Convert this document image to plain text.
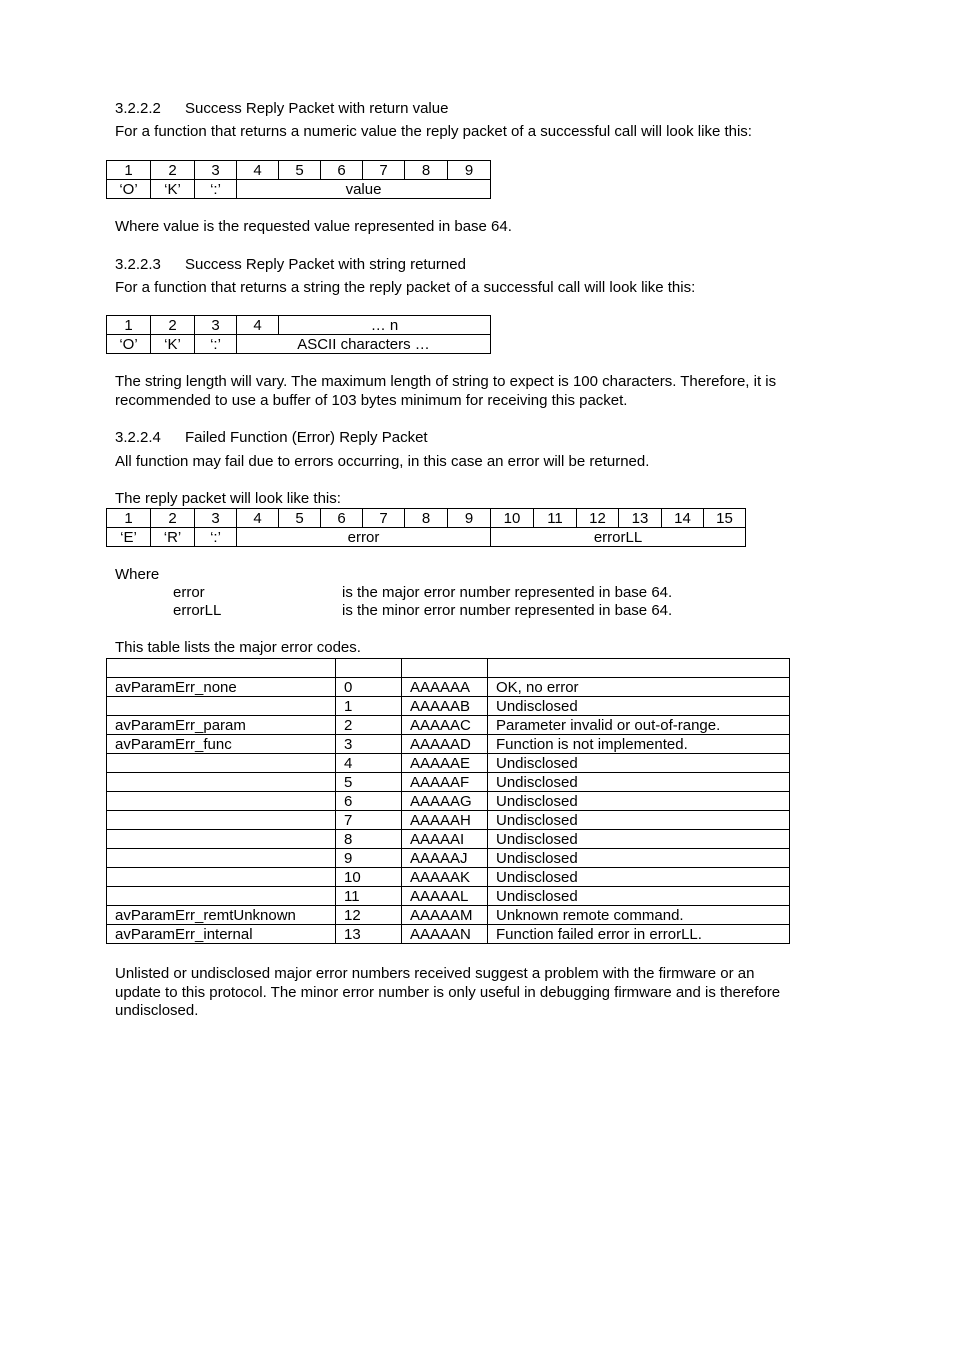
3.2.2.2 Success Reply Packet with return value
For a function that returns a numeric value the reply packet of a successful call will look like this:
1	2	3	4	5	6	7	8	9
‘O’	‘K’	‘:’	value					
Where value is the requested value represented in base 64.
3.2.2.3 Success Reply Packet with string returned
For a function that returns a string the reply packet of a successful call will look like this:
1	2	3	4	… n
‘O’	‘K’	‘:’	ASCII characters …	
The string length will vary. The maximum length of string to expect is 100 characters. Therefore, it is
recommended to use a buffer of 103 bytes minimum for receiving this packet.
3.2.2.4 Failed Function (Error) Reply Packet
All function may fail due to errors occurring, in this case an error will be returned.
The reply packet will look like this:
1	2	3	4	5	6	7	8	9	10	11	12	13	14	15
‘E’	‘R’	‘:’	error						errorLL					
Where
error	is the major error number represented in base 64.
errorLL	is the minor error number represented in base 64.
This table lists the major error codes.

avParamErr_none	0	AAAAAA	OK, no error
	1	AAAAAB	Undisclosed
avParamErr_param	2	AAAAAC	Parameter invalid or out-of-range.
avParamErr_func	3	AAAAAD	Function is not implemented.
	4	AAAAAE	Undisclosed
	5	AAAAAF	Undisclosed
	6	AAAAAG	Undisclosed
	7	AAAAAH	Undisclosed
	8	AAAAAI	Undisclosed
	9	AAAAAJ	Undisclosed
	10	AAAAAK	Undisclosed
	11	AAAAAL	Undisclosed
avParamErr_remtUnknown	12	AAAAAM	Unknown remote command.
avParamErr_internal	13	AAAAAN	Function failed error in errorLL.
Unlisted or undisclosed major error numbers received suggest a problem with the firmware or an
update to this protocol. The minor error number is only useful in debugging firmware and is therefore
undisclosed.
